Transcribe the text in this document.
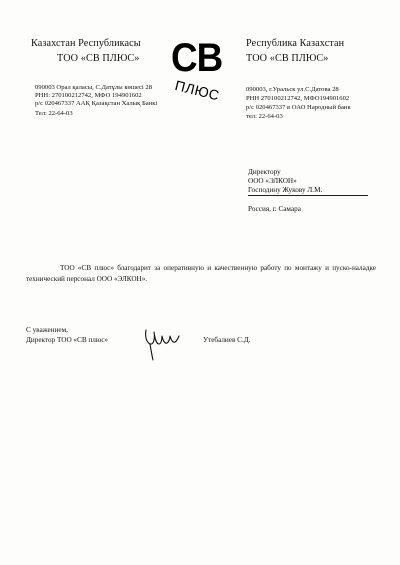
Казахстан Республикасы
ТОО «СВ ПЛЮС»
090003 Орал қаласы, С.Датұлы көшесі 28
РНН: 270100212742, МФО 194901602
р/с 020467337 ААҚ Қазақстан Халық Банкі
Тел: 22-64-03
СВ
ПЛЮС
Республика Казахстан
ТОО «СВ ПЛЮС»
090003, г.Уральск ул.С.Датова 28
РНН 270100212742, МФО194901602
р/с 020467337 в ОАО Народный банк
тел: 22-64-03
Директору
ООО «ЭЛКОН»
Господину Жукову Л.М.
Россия, г. Самара
ТОО «СВ плюс» благодарит за оперативную и качественную работу по монтажу и пуско-наладке технический персонал ООО «ЭЛКОН».
С уважением,
Директор ТОО «СВ плюс»	Утебалиев С.Д.
